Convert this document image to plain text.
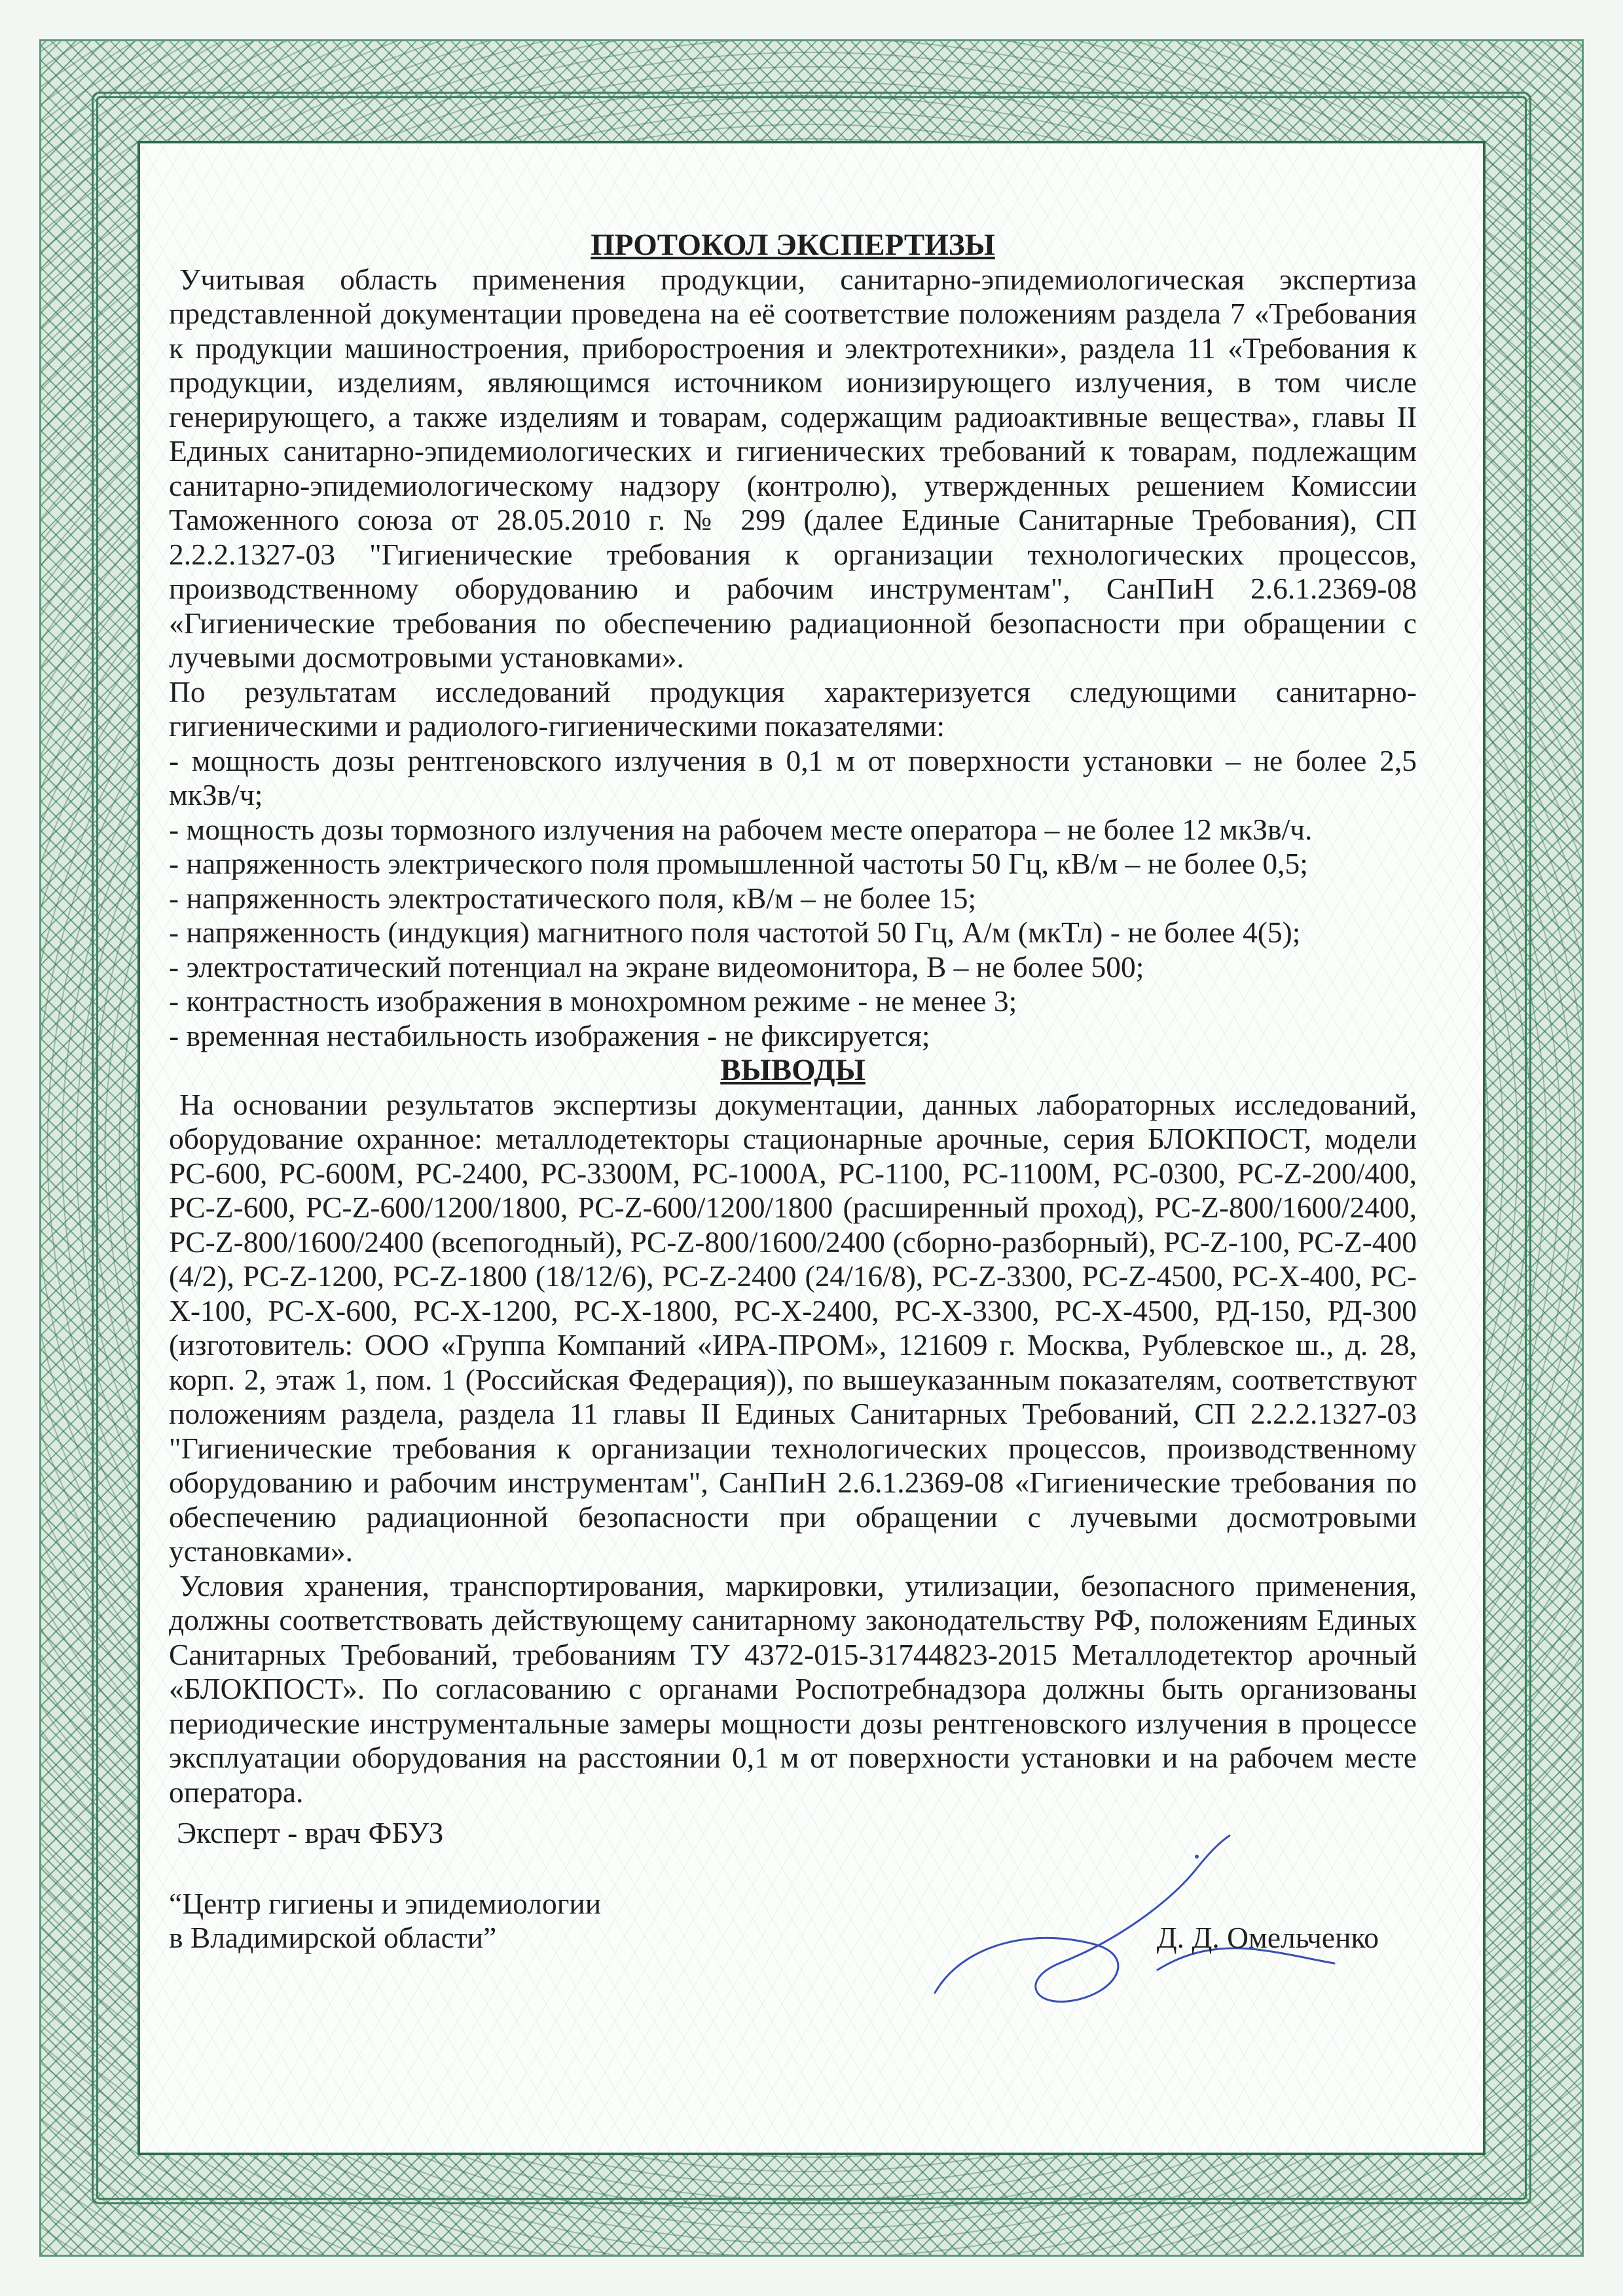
ПРОТОКОЛ ЭКСПЕРТИЗЫ

Учитывая область применения продукции, санитарно-эпидемиологическая экспертиза представленной документации проведена на её соответствие положениям раздела 7 «Требования к продукции машиностроения, приборостроения и электротехники», раздела 11 «Требования к продукции, изделиям, являющимся источником ионизирующего излучения, в том числе генерирующего, а также изделиям и товарам, содержащим радиоактивные вещества», главы II Единых санитарно-эпидемиологических и гигиенических требований к товарам, подлежащим санитарно-эпидемиологическому надзору (контролю), утвержденных решением Комиссии Таможенного союза от 28.05.2010 г. № 299 (далее Единые Санитарные Требования), СП 2.2.2.1327-03 "Гигиенические требования к организации технологических процессов, производственному оборудованию и рабочим инструментам", СанПиН 2.6.1.2369-08 «Гигиенические требования по обеспечению радиационной безопасности при обращении с лучевыми досмотровыми установками».

По результатам исследований продукция характеризуется следующими санитарно-гигиеническими и радиолого-гигиеническими показателями:

- мощность дозы рентгеновского излучения в 0,1 м от поверхности установки – не более 2,5 мкЗв/ч;

- мощность дозы тормозного излучения на рабочем месте оператора – не более 12 мкЗв/ч.

- напряженность электрического поля промышленной частоты 50 Гц, кВ/м – не более 0,5;

- напряженность электростатического поля, кВ/м – не более 15;

- напряженность (индукция) магнитного поля частотой 50 Гц, А/м (мкТл) - не более 4(5);

- электростатический потенциал на экране видеомонитора, В – не более 500;

- контрастность изображения в монохромном режиме - не менее 3;

- временная нестабильность изображения - не фиксируется;

ВЫВОДЫ

На основании результатов экспертизы документации, данных лабораторных исследований, оборудование охранное: металлодетекторы стационарные арочные, серия БЛОКПОСТ, модели PC-600, PC-600M, PC-2400, PC-3300M, PC-1000A, PC-1100, PC-1100M, PC-0300, PC-Z-200/400, PC-Z-600, PC-Z-600/1200/1800, PC-Z-600/1200/1800 (расширенный проход), PC-Z-800/1600/2400, PC-Z-800/1600/2400 (всепогодный), PC-Z-800/1600/2400 (сборно-разборный), PC-Z-100, PC-Z-400 (4/2), PC-Z-1200, PC-Z-1800 (18/12/6), PC-Z-2400 (24/16/8), PC-Z-3300, PC-Z-4500, PC-X-400, PC-X-100, PC-X-600, PC-X-1200, PC-X-1800, PC-X-2400, PC-X-3300, PC-X-4500, РД-150, РД-300 (изготовитель: ООО «Группа Компаний «ИРА-ПРОМ», 121609 г. Москва, Рублевское ш., д. 28, корп. 2, этаж 1, пом. 1 (Российская Федерация)), по вышеуказанным показателям, соответствуют положениям раздела, раздела 11 главы II Единых Санитарных Требований, СП 2.2.2.1327-03 "Гигиенические требования к организации технологических процессов, производственному оборудованию и рабочим инструментам", СанПиН 2.6.1.2369-08 «Гигиенические требования по обеспечению радиационной безопасности при обращении с лучевыми досмотровыми установками».

Условия хранения, транспортирования, маркировки, утилизации, безопасного применения, должны соответствовать действующему санитарному законодательству РФ, положениям Единых Санитарных Требований, требованиям ТУ 4372-015-31744823-2015 Металлодетектор арочный «БЛОКПОСТ». По согласованию с органами Роспотребнадзора должны быть организованы периодические инструментальные замеры мощности дозы рентгеновского излучения в процессе эксплуатации оборудования на расстоянии 0,1 м от поверхности установки и на рабочем месте оператора.

Эксперт - врач ФБУЗ
“Центр гигиены и эпидемиологии
в Владимирской области”	Д. Д. Омельченко
